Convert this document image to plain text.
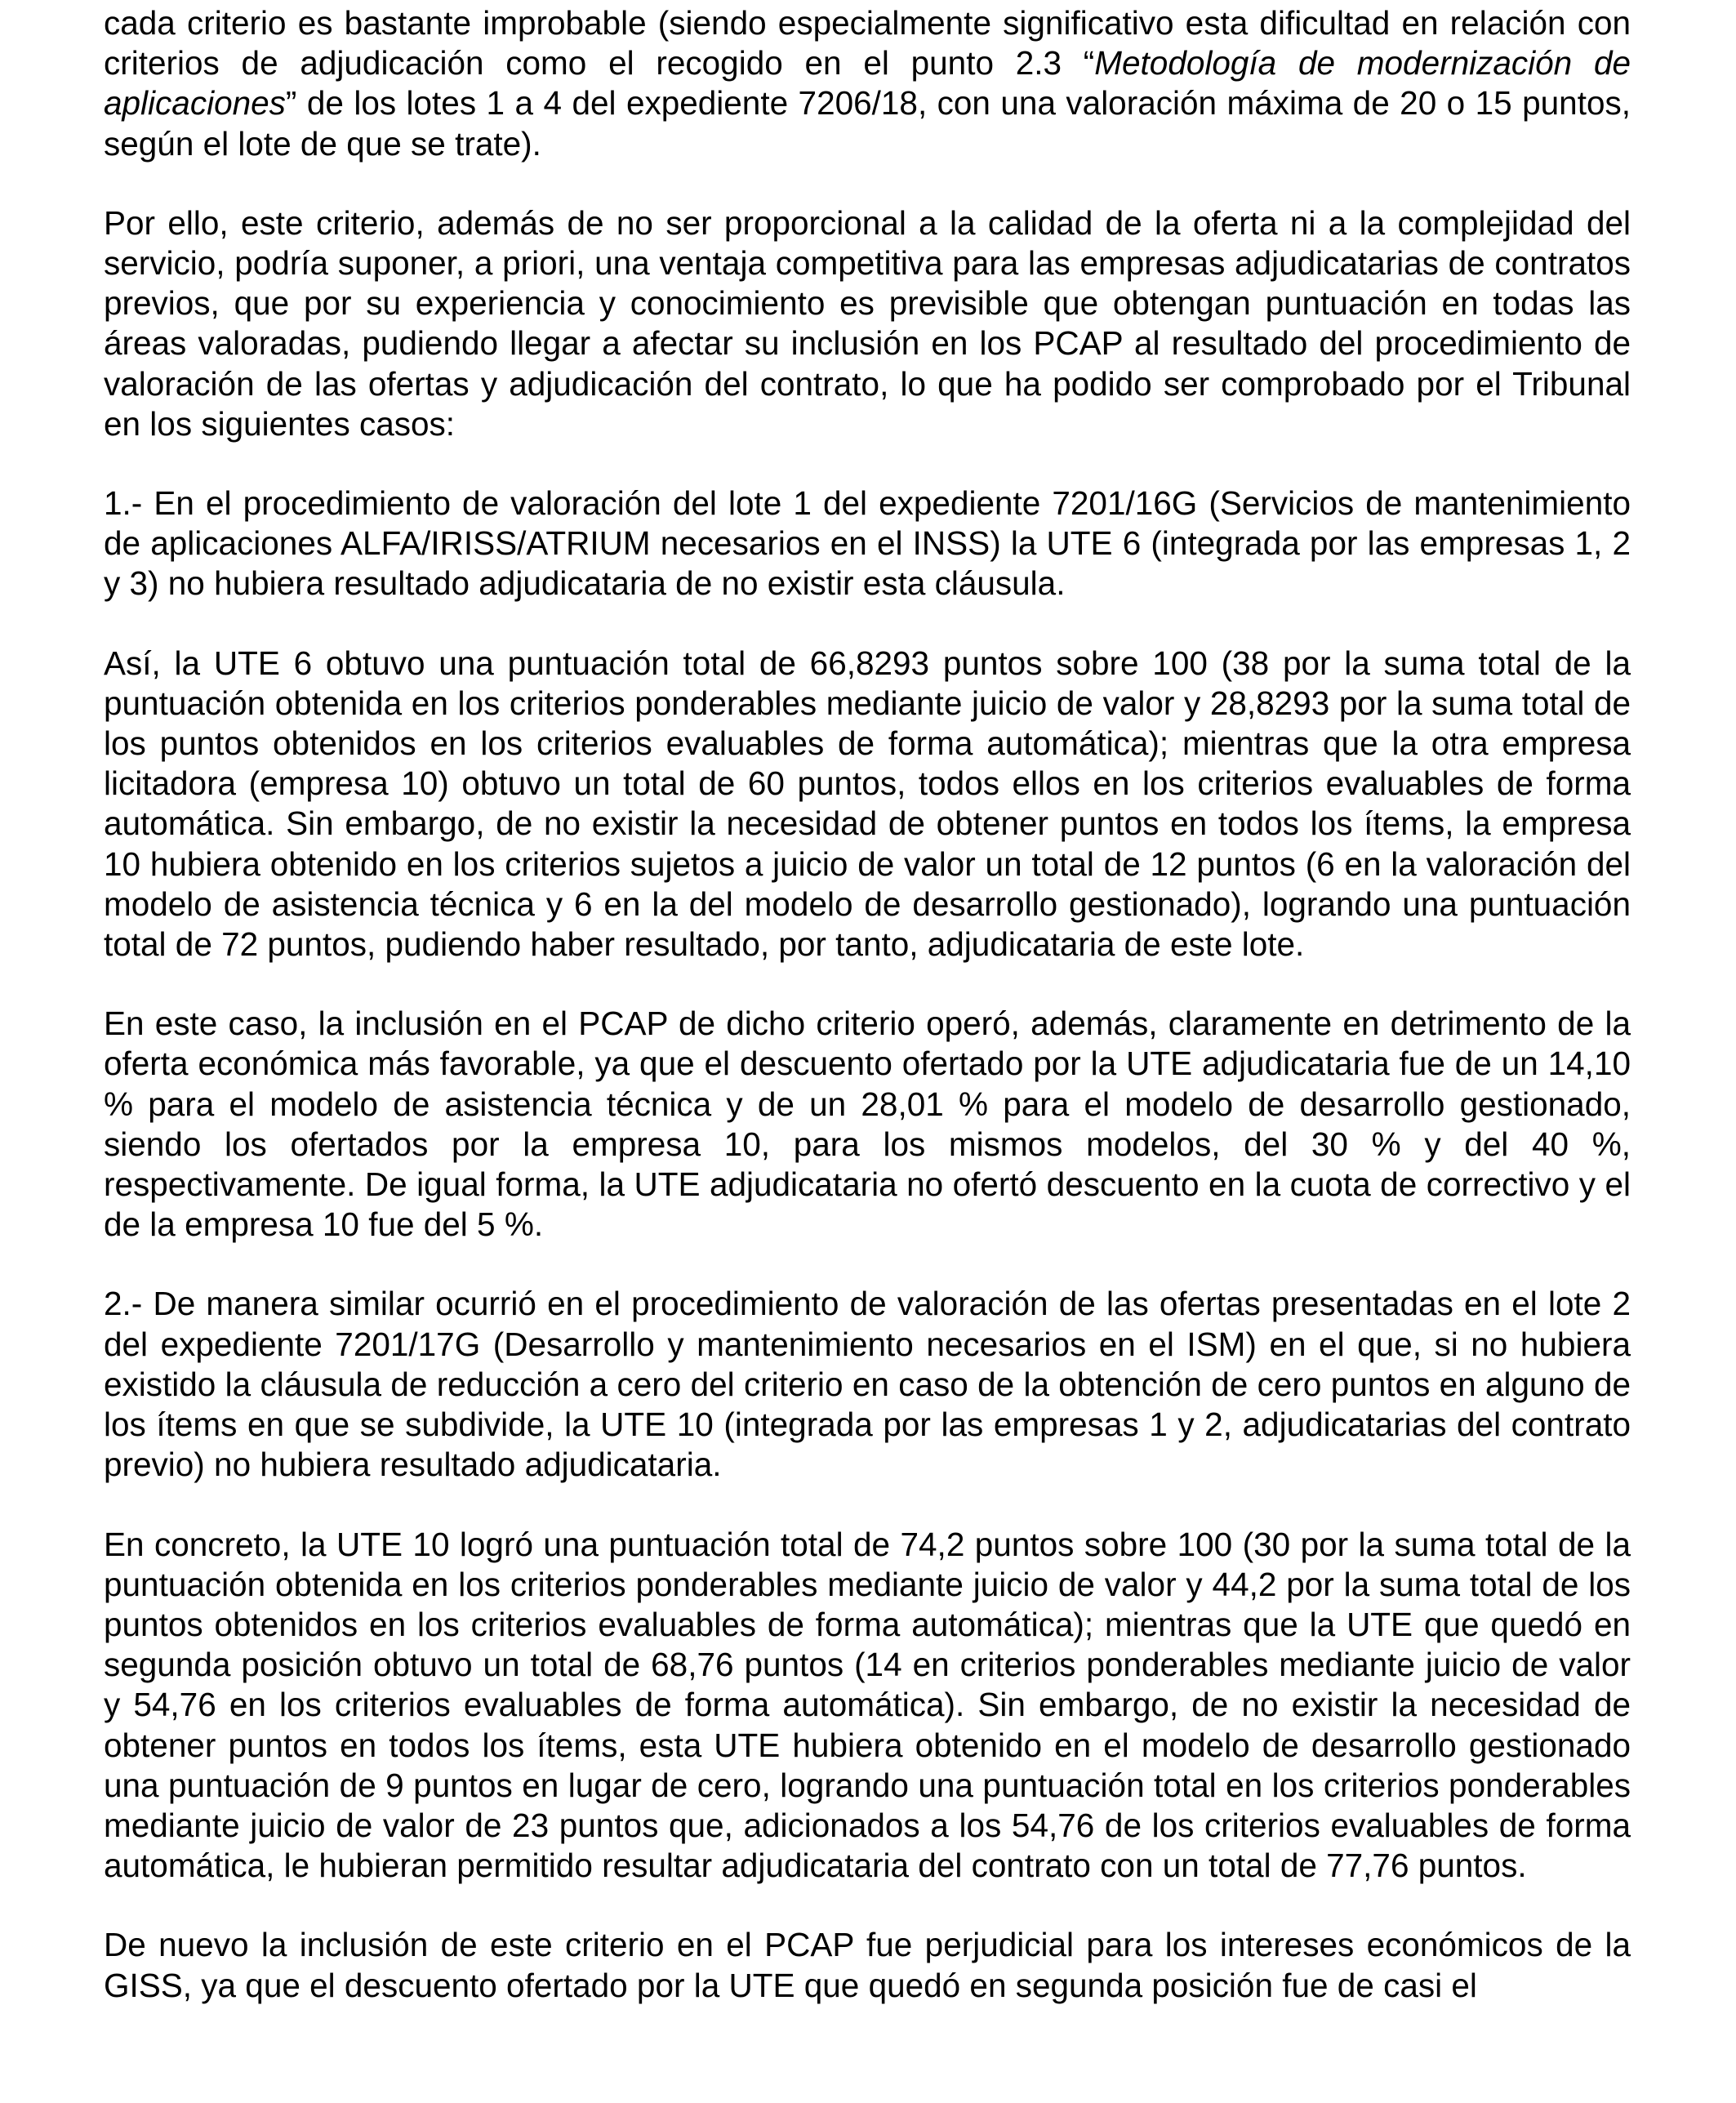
cada criterio es bastante improbable (siendo especialmente significativo esta dificultad en relación con criterios de adjudicación como el recogido en el punto 2.3 “Metodología de modernización de aplicaciones” de los lotes 1 a 4 del expediente 7206/18, con una valoración máxima de 20 o 15 puntos, según el lote de que se trate).

Por ello, este criterio, además de no ser proporcional a la calidad de la oferta ni a la complejidad del servicio, podría suponer, a priori, una ventaja competitiva para las empresas adjudicatarias de contratos previos, que por su experiencia y conocimiento es previsible que obtengan puntuación en todas las áreas valoradas, pudiendo llegar a afectar su inclusión en los PCAP al resultado del procedimiento de valoración de las ofertas y adjudicación del contrato, lo que ha podido ser comprobado por el Tribunal en los siguientes casos:

1.- En el procedimiento de valoración del lote 1 del expediente 7201/16G (Servicios de mantenimiento de aplicaciones ALFA/IRISS/ATRIUM necesarios en el INSS) la UTE 6 (integrada por las empresas 1, 2 y 3) no hubiera resultado adjudicataria de no existir esta cláusula.

Así, la UTE 6 obtuvo una puntuación total de 66,8293 puntos sobre 100 (38 por la suma total de la puntuación obtenida en los criterios ponderables mediante juicio de valor y 28,8293 por la suma total de los puntos obtenidos en los criterios evaluables de forma automática); mientras que la otra empresa licitadora (empresa 10) obtuvo un total de 60 puntos, todos ellos en los criterios evaluables de forma automática. Sin embargo, de no existir la necesidad de obtener puntos en todos los ítems, la empresa 10 hubiera obtenido en los criterios sujetos a juicio de valor un total de 12 puntos (6 en la valoración del modelo de asistencia técnica y 6 en la del modelo de desarrollo gestionado), logrando una puntuación total de 72 puntos, pudiendo haber resultado, por tanto, adjudicataria de este lote.

En este caso, la inclusión en el PCAP de dicho criterio operó, además, claramente en detrimento de la oferta económica más favorable, ya que el descuento ofertado por la UTE adjudicataria fue de un 14,10 % para el modelo de asistencia técnica y de un 28,01 % para el modelo de desarrollo gestionado, siendo los ofertados por la empresa 10, para los mismos modelos, del 30 % y del 40 %, respectivamente. De igual forma, la UTE adjudicataria no ofertó descuento en la cuota de correctivo y el de la empresa 10 fue del 5 %.

2.- De manera similar ocurrió en el procedimiento de valoración de las ofertas presentadas en el lote 2 del expediente 7201/17G (Desarrollo y mantenimiento necesarios en el ISM) en el que, si no hubiera existido la cláusula de reducción a cero del criterio en caso de la obtención de cero puntos en alguno de los ítems en que se subdivide, la UTE 10 (integrada por las empresas 1 y 2, adjudicatarias del contrato previo) no hubiera resultado adjudicataria.

En concreto, la UTE 10 logró una puntuación total de 74,2 puntos sobre 100 (30 por la suma total de la puntuación obtenida en los criterios ponderables mediante juicio de valor y 44,2 por la suma total de los puntos obtenidos en los criterios evaluables de forma automática); mientras que la UTE que quedó en segunda posición obtuvo un total de 68,76 puntos (14 en criterios ponderables mediante juicio de valor y 54,76 en los criterios evaluables de forma automática). Sin embargo, de no existir la necesidad de obtener puntos en todos los ítems, esta UTE hubiera obtenido en el modelo de desarrollo gestionado una puntuación de 9 puntos en lugar de cero, logrando una puntuación total en los criterios ponderables mediante juicio de valor de 23 puntos que, adicionados a los 54,76 de los criterios evaluables de forma automática, le hubieran permitido resultar adjudicataria del contrato con un total de 77,76 puntos.

De nuevo la inclusión de este criterio en el PCAP fue perjudicial para los intereses económicos de la GISS, ya que el descuento ofertado por la UTE que quedó en segunda posición fue de casi el
